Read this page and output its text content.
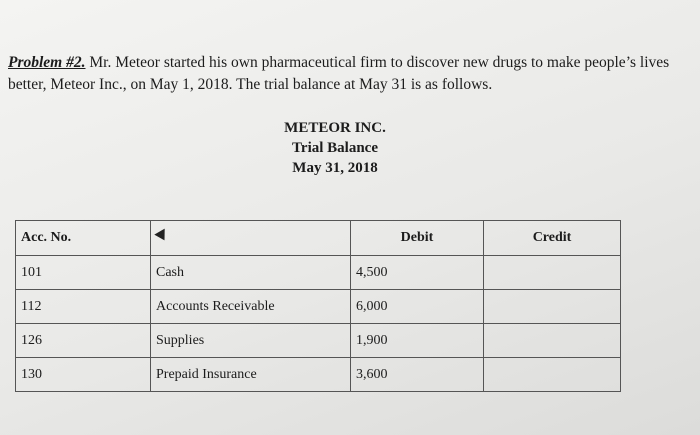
Problem #2. Mr. Meteor started his own pharmaceutical firm to discover new drugs to make people’s lives better, Meteor Inc., on May 1, 2018. The trial balance at May 31 is as follows.
METEOR INC.
Trial Balance
May 31, 2018
Acc. No.		Debit	Credit
101	Cash	4,500	
112	Accounts Receivable	6,000	
126	Supplies	1,900	
130	Prepaid Insurance	3,600	
